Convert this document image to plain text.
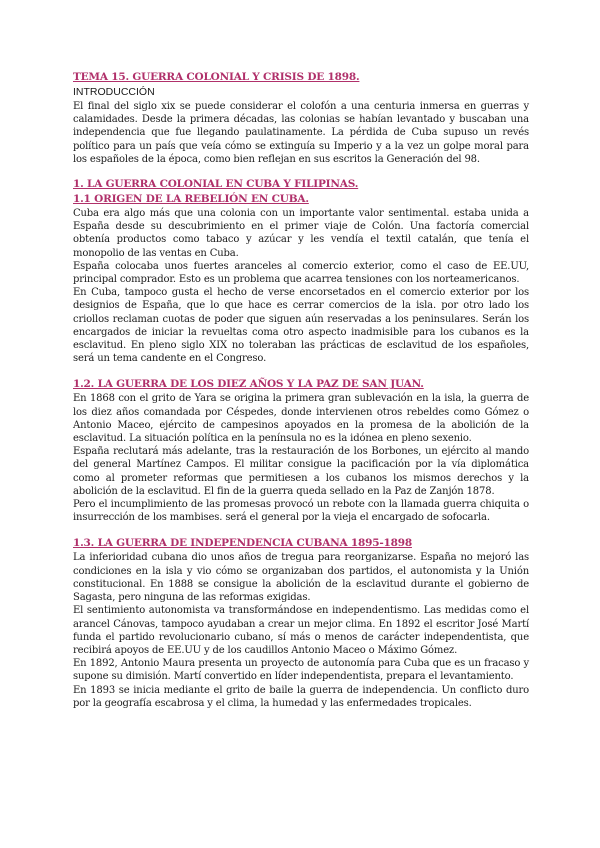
TEMA 15. GUERRA COLONIAL Y CRISIS DE 1898.
INTRODUCCIÓN

El final del siglo xix se puede considerar el colofón a una centuria inmersa en guerras y calamidades. Desde la primera décadas, las colonias se habían levantado y buscaban una independencia que fue llegando paulatinamente. La pérdida de Cuba supuso un revés político para un país que veía cómo se extinguía su Imperio y a la vez un golpe moral para los españoles de la época, como bien reflejan en sus escritos la Generación del 98.

1. LA GUERRA COLONIAL EN CUBA Y FILIPINAS.
1.1 ORIGEN DE LA REBELIÓN EN CUBA.

Cuba era algo más que una colonia con un importante valor sentimental. estaba unida a España desde su descubrimiento en el primer viaje de Colón. Una factoría comercial obtenía productos como tabaco y azúcar y les vendía el textil catalán, que tenía el monopolio de las ventas en Cuba.

España colocaba unos fuertes aranceles al comercio exterior, como el caso de EE.UU, principal comprador. Esto es un problema que acarrea tensiones con los norteamericanos.

En Cuba, tampoco gusta el hecho de verse encorsetados en el comercio exterior por los designios de España, que lo que hace es cerrar comercios de la isla. por otro lado los criollos reclaman cuotas de poder que siguen aún reservadas a los peninsulares. Serán los encargados de iniciar la revueltas coma otro aspecto inadmisible para los cubanos es la esclavitud. En pleno siglo XIX no toleraban las prácticas de esclavitud de los españoles, será un tema candente en el Congreso.

1.2. LA GUERRA DE LOS DIEZ AÑOS Y LA PAZ DE SAN JUAN.

En 1868 con el grito de Yara se origina la primera gran sublevación en la isla, la guerra de los diez años comandada por Céspedes, donde intervienen otros rebeldes como Gómez o Antonio Maceo, ejército de campesinos apoyados en la promesa de la abolición de la esclavitud. La situación política en la península no es la idónea en pleno sexenio.

España reclutará más adelante, tras la restauración de los Borbones, un ejército al mando del general Martínez Campos. El militar consigue la pacificación por la vía diplomática como al prometer reformas que permitiesen a los cubanos los mismos derechos y la abolición de la esclavitud. El fin de la guerra queda sellado en la Paz de Zanjón 1878.

Pero el incumplimiento de las promesas provocó un rebote con la llamada guerra chiquita o insurrección de los mambises. será el general por la vieja el encargado de sofocarla.

1.3. LA GUERRA DE INDEPENDENCIA CUBANA 1895-1898

La inferioridad cubana dio unos años de tregua para reorganizarse. España no mejoró las condiciones en la isla y vio cómo se organizaban dos partidos, el autonomista y la Unión constitucional. En 1888 se consigue la abolición de la esclavitud durante el gobierno de Sagasta, pero ninguna de las reformas exigidas.

El sentimiento autonomista va transformándose en independentismo. Las medidas como el arancel Cánovas, tampoco ayudaban a crear un mejor clima. En 1892 el escritor José Martí funda el partido revolucionario cubano, sí más o menos de carácter independentista, que recibirá apoyos de EE.UU y de los caudillos Antonio Maceo o Máximo Gómez.

En 1892, Antonio Maura presenta un proyecto de autonomía para Cuba que es un fracaso y supone su dimisión. Martí convertido en líder independentista, prepara el levantamiento.

En 1893 se inicia mediante el grito de baile la guerra de independencia. Un conflicto duro por la geografía escabrosa y el clima, la humedad y las enfermedades tropicales.
